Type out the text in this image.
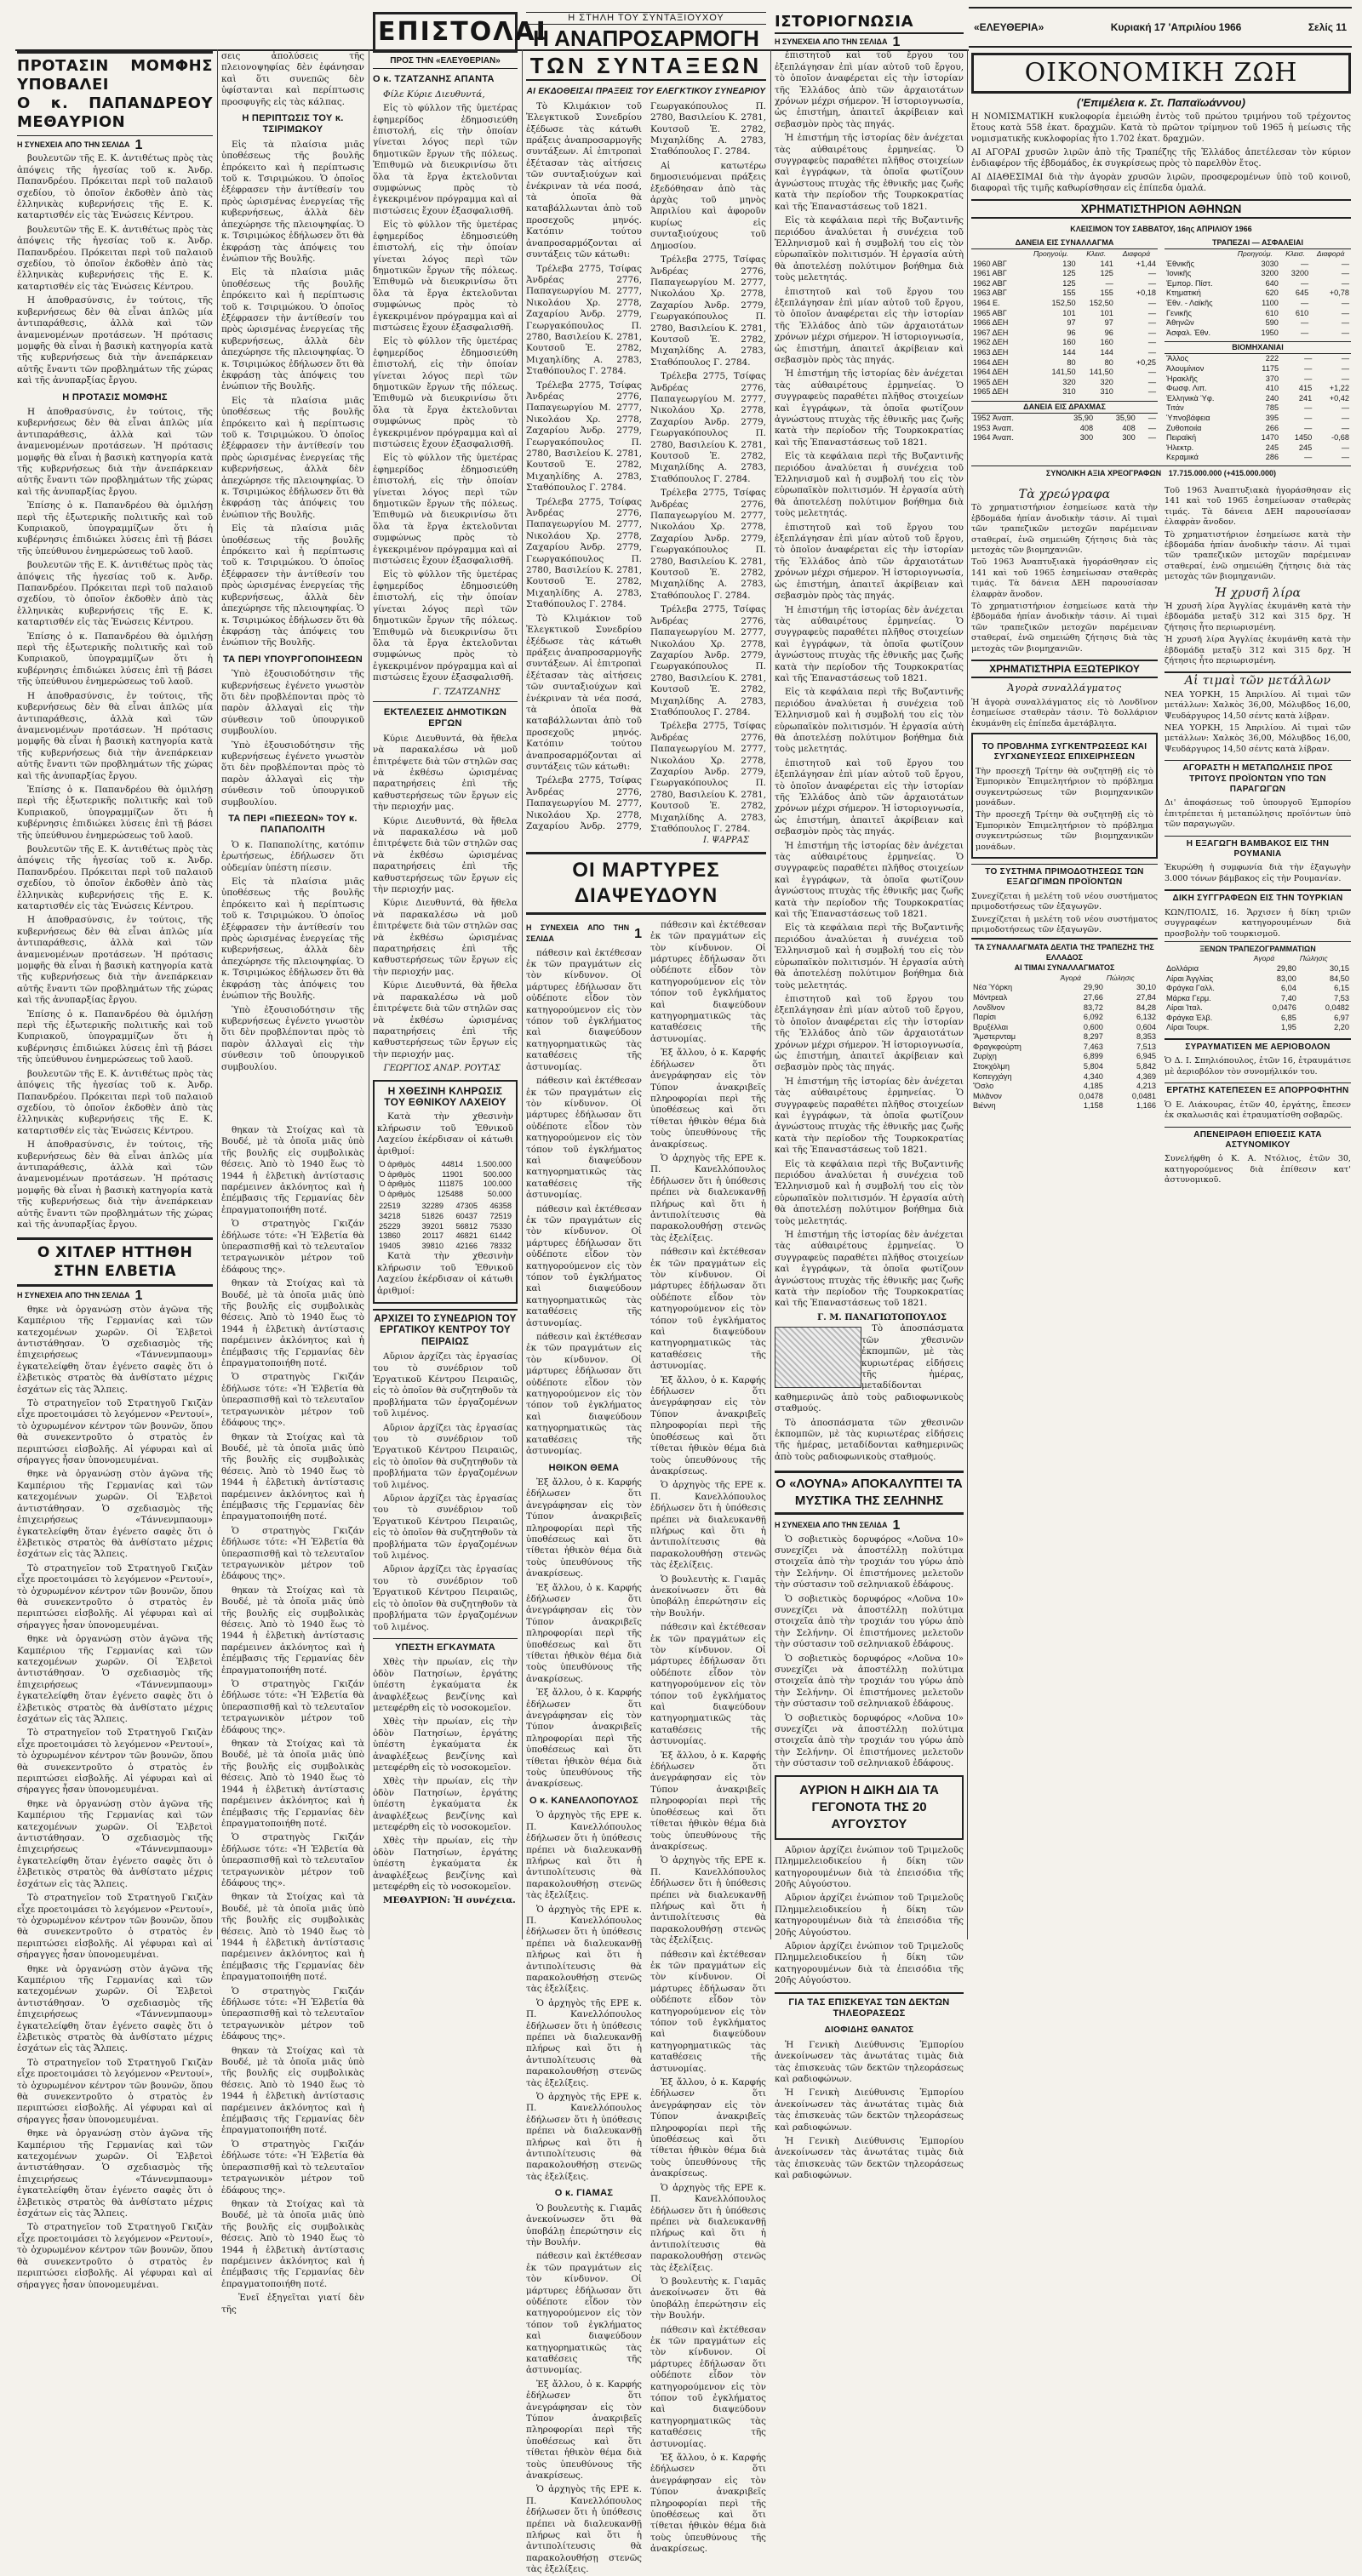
«ΕΛΕΥΘΕΡΙΑ»	Κυριακή 17 'Απριλίου 1966	Σελίς 11
ΠΡΟΤΑΣΙΝ ΜΟΜΦΗΣ ΥΠΟΒΑΛΕΙ
Ο κ. ΠΑΠΑΝΔΡΕΟΥ ΜΕΘΑΥΡΙΟΝ
Η ΣΥΝΕΧΕΙΑ ΑΠΟ ΤΗΝ ΣΕΛΙΔΑ 1

βουλευτῶν τῆς Ε. Κ. ἀντιθέτως πρὸς τὰς ἀπόψεις τῆς ἡγεσίας τοῦ κ. Ἀνδρ. Παπανδρέου. Πρόκειται περὶ τοῦ παλαιοῦ σχεδίου, τὸ ὁποῖον ἐκδοθὲν ἀπὸ τὰς ἑλληνικὰς κυβερνήσεις τῆς Ε. Κ. καταρτισθέν εἰς τὰς Ἑνώσεις Κέντρου.

βουλευτῶν τῆς Ε. Κ. ἀντιθέτως πρὸς τὰς ἀπόψεις τῆς ἡγεσίας τοῦ κ. Ἀνδρ. Παπανδρέου. Πρόκειται περὶ τοῦ παλαιοῦ σχεδίου, τὸ ὁποῖον ἐκδοθὲν ἀπὸ τὰς ἑλληνικὰς κυβερνήσεις τῆς Ε. Κ. καταρτισθέν εἰς τὰς Ἑνώσεις Κέντρου.

Η ἀποθρασύνσις, ἐν τούτοις, τῆς κυβερνήσεως δὲν θὰ εἶναι ἁπλῶς μία ἀντιπαράθεσις, ἀλλὰ καὶ τῶν ἀναμενομένων προτάσεων. Ἡ πρότασις μομφῆς θὰ εἶναι ἡ βασικὴ κατηγορία κατὰ τῆς κυβερνήσεως διὰ τὴν ἀνεπάρκειαν αὐτῆς ἔναντι τῶν προβλημάτων τῆς χώρας καὶ τῆς ἀνυπαρξίας ἔργου.

Η ΠΡΟΤΑΣΙΣ ΜΟΜΦΗΣ

Η ἀποθρασύνσις, ἐν τούτοις, τῆς κυβερνήσεως δὲν θὰ εἶναι ἁπλῶς μία ἀντιπαράθεσις, ἀλλὰ καὶ τῶν ἀναμενομένων προτάσεων. Ἡ πρότασις μομφῆς θὰ εἶναι ἡ βασικὴ κατηγορία κατὰ τῆς κυβερνήσεως διὰ τὴν ἀνεπάρκειαν αὐτῆς ἔναντι τῶν προβλημάτων τῆς χώρας καὶ τῆς ἀνυπαρξίας ἔργου.

Ἐπίσης ὁ κ. Παπανδρέου θὰ ὁμιλήσῃ περὶ τῆς ἐξωτερικῆς πολιτικῆς καὶ τοῦ Κυπριακοῦ, ὑπογραμμίζων ὅτι ἡ κυβέρνησις ἐπιδιώκει λύσεις ἐπὶ τῇ βάσει τῆς ὑπεύθυνου ἐνημερώσεως τοῦ λαοῦ.

βουλευτῶν τῆς Ε. Κ. ἀντιθέτως πρὸς τὰς ἀπόψεις τῆς ἡγεσίας τοῦ κ. Ἀνδρ. Παπανδρέου. Πρόκειται περὶ τοῦ παλαιοῦ σχεδίου, τὸ ὁποῖον ἐκδοθὲν ἀπὸ τὰς ἑλληνικὰς κυβερνήσεις τῆς Ε. Κ. καταρτισθέν εἰς τὰς Ἑνώσεις Κέντρου.

Ἐπίσης ὁ κ. Παπανδρέου θὰ ὁμιλήσῃ περὶ τῆς ἐξωτερικῆς πολιτικῆς καὶ τοῦ Κυπριακοῦ, ὑπογραμμίζων ὅτι ἡ κυβέρνησις ἐπιδιώκει λύσεις ἐπὶ τῇ βάσει τῆς ὑπεύθυνου ἐνημερώσεως τοῦ λαοῦ.

Η ἀποθρασύνσις, ἐν τούτοις, τῆς κυβερνήσεως δὲν θὰ εἶναι ἁπλῶς μία ἀντιπαράθεσις, ἀλλὰ καὶ τῶν ἀναμενομένων προτάσεων. Ἡ πρότασις μομφῆς θὰ εἶναι ἡ βασικὴ κατηγορία κατὰ τῆς κυβερνήσεως διὰ τὴν ἀνεπάρκειαν αὐτῆς ἔναντι τῶν προβλημάτων τῆς χώρας καὶ τῆς ἀνυπαρξίας ἔργου.

Ἐπίσης ὁ κ. Παπανδρέου θὰ ὁμιλήσῃ περὶ τῆς ἐξωτερικῆς πολιτικῆς καὶ τοῦ Κυπριακοῦ, ὑπογραμμίζων ὅτι ἡ κυβέρνησις ἐπιδιώκει λύσεις ἐπὶ τῇ βάσει τῆς ὑπεύθυνου ἐνημερώσεως τοῦ λαοῦ.

βουλευτῶν τῆς Ε. Κ. ἀντιθέτως πρὸς τὰς ἀπόψεις τῆς ἡγεσίας τοῦ κ. Ἀνδρ. Παπανδρέου. Πρόκειται περὶ τοῦ παλαιοῦ σχεδίου, τὸ ὁποῖον ἐκδοθὲν ἀπὸ τὰς ἑλληνικὰς κυβερνήσεις τῆς Ε. Κ. καταρτισθέν εἰς τὰς Ἑνώσεις Κέντρου.

Η ἀποθρασύνσις, ἐν τούτοις, τῆς κυβερνήσεως δὲν θὰ εἶναι ἁπλῶς μία ἀντιπαράθεσις, ἀλλὰ καὶ τῶν ἀναμενομένων προτάσεων. Ἡ πρότασις μομφῆς θὰ εἶναι ἡ βασικὴ κατηγορία κατὰ τῆς κυβερνήσεως διὰ τὴν ἀνεπάρκειαν αὐτῆς ἔναντι τῶν προβλημάτων τῆς χώρας καὶ τῆς ἀνυπαρξίας ἔργου.

Ἐπίσης ὁ κ. Παπανδρέου θὰ ὁμιλήσῃ περὶ τῆς ἐξωτερικῆς πολιτικῆς καὶ τοῦ Κυπριακοῦ, ὑπογραμμίζων ὅτι ἡ κυβέρνησις ἐπιδιώκει λύσεις ἐπὶ τῇ βάσει τῆς ὑπεύθυνου ἐνημερώσεως τοῦ λαοῦ.

βουλευτῶν τῆς Ε. Κ. ἀντιθέτως πρὸς τὰς ἀπόψεις τῆς ἡγεσίας τοῦ κ. Ἀνδρ. Παπανδρέου. Πρόκειται περὶ τοῦ παλαιοῦ σχεδίου, τὸ ὁποῖον ἐκδοθὲν ἀπὸ τὰς ἑλληνικὰς κυβερνήσεις τῆς Ε. Κ. καταρτισθέν εἰς τὰς Ἑνώσεις Κέντρου.

Η ἀποθρασύνσις, ἐν τούτοις, τῆς κυβερνήσεως δὲν θὰ εἶναι ἁπλῶς μία ἀντιπαράθεσις, ἀλλὰ καὶ τῶν ἀναμενομένων προτάσεων. Ἡ πρότασις μομφῆς θὰ εἶναι ἡ βασικὴ κατηγορία κατὰ τῆς κυβερνήσεως διὰ τὴν ἀνεπάρκειαν αὐτῆς ἔναντι τῶν προβλημάτων τῆς χώρας καὶ τῆς ἀνυπαρξίας ἔργου.

Ο ΧΙΤΛΕΡ ΗΤΤΗΘΗ ΣΤΗΝ ΕΛΒΕΤΙΑ
Η ΣΥΝΕΧΕΙΑ ΑΠΟ ΤΗΝ ΣΕΛΙΔΑ 1

θηκε νὰ ὀργανώσῃ στὸν ἀγῶνα τῆς Καμπέριου τῆς Γερμανίας καὶ τῶν κατεχομένων χωρῶν. Οἱ Ἐλβετοὶ ἀντιστάθησαν. Ὁ σχεδιασμὸς τῆς ἐπιχειρήσεως «Τάννενμπαουμ» ἐγκατελείφθη ὅταν ἐγένετο σαφὲς ὅτι ὁ ἐλβετικὸς στρατὸς θὰ ἀνθίστατο μέχρις ἐσχάτων εἰς τὰς Ἄλπεις.

Τὸ στρατηγεῖον τοῦ Στρατηγοῦ Γκιζὰν εἶχε προετοιμάσει τὸ λεγόμενον «Ρεντουί», τὸ ὀχυρωμένον κέντρον τῶν βουνῶν, ὅπου θὰ συνεκεντροῦτο ὁ στρατὸς ἐν περιπτώσει εἰσβολῆς. Αἱ γέφυραι καὶ αἱ σήραγγες ἦσαν ὑπονομευμέναι.

θηκε νὰ ὀργανώσῃ στὸν ἀγῶνα τῆς Καμπέριου τῆς Γερμανίας καὶ τῶν κατεχομένων χωρῶν. Οἱ Ἐλβετοὶ ἀντιστάθησαν. Ὁ σχεδιασμὸς τῆς ἐπιχειρήσεως «Τάννενμπαουμ» ἐγκατελείφθη ὅταν ἐγένετο σαφὲς ὅτι ὁ ἐλβετικὸς στρατὸς θὰ ἀνθίστατο μέχρις ἐσχάτων εἰς τὰς Ἄλπεις.

Τὸ στρατηγεῖον τοῦ Στρατηγοῦ Γκιζὰν εἶχε προετοιμάσει τὸ λεγόμενον «Ρεντουί», τὸ ὀχυρωμένον κέντρον τῶν βουνῶν, ὅπου θὰ συνεκεντροῦτο ὁ στρατὸς ἐν περιπτώσει εἰσβολῆς. Αἱ γέφυραι καὶ αἱ σήραγγες ἦσαν ὑπονομευμέναι.

θηκε νὰ ὀργανώσῃ στὸν ἀγῶνα τῆς Καμπέριου τῆς Γερμανίας καὶ τῶν κατεχομένων χωρῶν. Οἱ Ἐλβετοὶ ἀντιστάθησαν. Ὁ σχεδιασμὸς τῆς ἐπιχειρήσεως «Τάννενμπαουμ» ἐγκατελείφθη ὅταν ἐγένετο σαφὲς ὅτι ὁ ἐλβετικὸς στρατὸς θὰ ἀνθίστατο μέχρις ἐσχάτων εἰς τὰς Ἄλπεις.

Τὸ στρατηγεῖον τοῦ Στρατηγοῦ Γκιζὰν εἶχε προετοιμάσει τὸ λεγόμενον «Ρεντουί», τὸ ὀχυρωμένον κέντρον τῶν βουνῶν, ὅπου θὰ συνεκεντροῦτο ὁ στρατὸς ἐν περιπτώσει εἰσβολῆς. Αἱ γέφυραι καὶ αἱ σήραγγες ἦσαν ὑπονομευμέναι.

θηκε νὰ ὀργανώσῃ στὸν ἀγῶνα τῆς Καμπέριου τῆς Γερμανίας καὶ τῶν κατεχομένων χωρῶν. Οἱ Ἐλβετοὶ ἀντιστάθησαν. Ὁ σχεδιασμὸς τῆς ἐπιχειρήσεως «Τάννενμπαουμ» ἐγκατελείφθη ὅταν ἐγένετο σαφὲς ὅτι ὁ ἐλβετικὸς στρατὸς θὰ ἀνθίστατο μέχρις ἐσχάτων εἰς τὰς Ἄλπεις.

Τὸ στρατηγεῖον τοῦ Στρατηγοῦ Γκιζὰν εἶχε προετοιμάσει τὸ λεγόμενον «Ρεντουί», τὸ ὀχυρωμένον κέντρον τῶν βουνῶν, ὅπου θὰ συνεκεντροῦτο ὁ στρατὸς ἐν περιπτώσει εἰσβολῆς. Αἱ γέφυραι καὶ αἱ σήραγγες ἦσαν ὑπονομευμέναι.

θηκε νὰ ὀργανώσῃ στὸν ἀγῶνα τῆς Καμπέριου τῆς Γερμανίας καὶ τῶν κατεχομένων χωρῶν. Οἱ Ἐλβετοὶ ἀντιστάθησαν. Ὁ σχεδιασμὸς τῆς ἐπιχειρήσεως «Τάννενμπαουμ» ἐγκατελείφθη ὅταν ἐγένετο σαφὲς ὅτι ὁ ἐλβετικὸς στρατὸς θὰ ἀνθίστατο μέχρις ἐσχάτων εἰς τὰς Ἄλπεις.

Τὸ στρατηγεῖον τοῦ Στρατηγοῦ Γκιζὰν εἶχε προετοιμάσει τὸ λεγόμενον «Ρεντουί», τὸ ὀχυρωμένον κέντρον τῶν βουνῶν, ὅπου θὰ συνεκεντροῦτο ὁ στρατὸς ἐν περιπτώσει εἰσβολῆς. Αἱ γέφυραι καὶ αἱ σήραγγες ἦσαν ὑπονομευμέναι.

θηκε νὰ ὀργανώσῃ στὸν ἀγῶνα τῆς Καμπέριου τῆς Γερμανίας καὶ τῶν κατεχομένων χωρῶν. Οἱ Ἐλβετοὶ ἀντιστάθησαν. Ὁ σχεδιασμὸς τῆς ἐπιχειρήσεως «Τάννενμπαουμ» ἐγκατελείφθη ὅταν ἐγένετο σαφὲς ὅτι ὁ ἐλβετικὸς στρατὸς θὰ ἀνθίστατο μέχρις ἐσχάτων εἰς τὰς Ἄλπεις.

Τὸ στρατηγεῖον τοῦ Στρατηγοῦ Γκιζὰν εἶχε προετοιμάσει τὸ λεγόμενον «Ρεντουί», τὸ ὀχυρωμένον κέντρον τῶν βουνῶν, ὅπου θὰ συνεκεντροῦτο ὁ στρατὸς ἐν περιπτώσει εἰσβολῆς. Αἱ γέφυραι καὶ αἱ σήραγγες ἦσαν ὑπονομευμέναι.

σεις ἀπολύσεις τῆς πλειονοψηφίας δὲν ἐφάνησαν καὶ ὅτι συνεπῶς δὲν ὑφίστανται καὶ περίπτωσις προσφυγῆς εἰς τὰς κάλπας.

Η ΠΕΡΙΠΤΩΣΙΣ ΤΟΥ κ. ΤΣΙΡΙΜΩΚΟΥ

Εἰς τὰ πλαίσια μιᾶς ὑποθέσεως τῆς βουλῆς ἐπρόκειτο καὶ ἡ περίπτωσις τοῦ κ. Τσιριμώκου. Ὁ ὁποῖος ἐξέφρασεν τὴν ἀντίθεσίν του πρὸς ὡρισμένας ἐνεργείας τῆς κυβερνήσεως, ἀλλὰ δὲν ἀπεχώρησε τῆς πλειοψηφίας. Ὁ κ. Τσιριμώκος ἐδήλωσεν ὅτι θὰ ἐκφράσῃ τὰς ἀπόψεις του ἐνώπιον τῆς Βουλῆς.

Εἰς τὰ πλαίσια μιᾶς ὑποθέσεως τῆς βουλῆς ἐπρόκειτο καὶ ἡ περίπτωσις τοῦ κ. Τσιριμώκου. Ὁ ὁποῖος ἐξέφρασεν τὴν ἀντίθεσίν του πρὸς ὡρισμένας ἐνεργείας τῆς κυβερνήσεως, ἀλλὰ δὲν ἀπεχώρησε τῆς πλειοψηφίας. Ὁ κ. Τσιριμώκος ἐδήλωσεν ὅτι θὰ ἐκφράσῃ τὰς ἀπόψεις του ἐνώπιον τῆς Βουλῆς.

Εἰς τὰ πλαίσια μιᾶς ὑποθέσεως τῆς βουλῆς ἐπρόκειτο καὶ ἡ περίπτωσις τοῦ κ. Τσιριμώκου. Ὁ ὁποῖος ἐξέφρασεν τὴν ἀντίθεσίν του πρὸς ὡρισμένας ἐνεργείας τῆς κυβερνήσεως, ἀλλὰ δὲν ἀπεχώρησε τῆς πλειοψηφίας. Ὁ κ. Τσιριμώκος ἐδήλωσεν ὅτι θὰ ἐκφράσῃ τὰς ἀπόψεις του ἐνώπιον τῆς Βουλῆς.

Εἰς τὰ πλαίσια μιᾶς ὑποθέσεως τῆς βουλῆς ἐπρόκειτο καὶ ἡ περίπτωσις τοῦ κ. Τσιριμώκου. Ὁ ὁποῖος ἐξέφρασεν τὴν ἀντίθεσίν του πρὸς ὡρισμένας ἐνεργείας τῆς κυβερνήσεως, ἀλλὰ δὲν ἀπεχώρησε τῆς πλειοψηφίας. Ὁ κ. Τσιριμώκος ἐδήλωσεν ὅτι θὰ ἐκφράσῃ τὰς ἀπόψεις του ἐνώπιον τῆς Βουλῆς.

ΤΑ ΠΕΡΙ ΥΠΟΥΡΓΟΠΟΙΗΣΕΩΝ

Ὑπὸ ἐξουσιοδότησιν τῆς κυβερνήσεως ἐγένετο γνωστὸν ὅτι δὲν προβλέπονται πρὸς τὸ παρὸν ἀλλαγαὶ εἰς τὴν σύνθεσιν τοῦ ὑπουργικοῦ συμβουλίου.

Ὑπὸ ἐξουσιοδότησιν τῆς κυβερνήσεως ἐγένετο γνωστὸν ὅτι δὲν προβλέπονται πρὸς τὸ παρὸν ἀλλαγαὶ εἰς τὴν σύνθεσιν τοῦ ὑπουργικοῦ συμβουλίου.

ΤΑ ΠΕΡΙ «ΠΙΕΣΕΩΝ» ΤΟΥ κ. ΠΑΠΑΠΟΛΙΤΗ

Ὁ κ. Παπαπολίτης, κατόπιν ἐρωτήσεως, ἐδήλωσεν ὅτι οὐδεμίαν ὑπέστη πίεσιν.

Εἰς τὰ πλαίσια μιᾶς ὑποθέσεως τῆς βουλῆς ἐπρόκειτο καὶ ἡ περίπτωσις τοῦ κ. Τσιριμώκου. Ὁ ὁποῖος ἐξέφρασεν τὴν ἀντίθεσίν του πρὸς ὡρισμένας ἐνεργείας τῆς κυβερνήσεως, ἀλλὰ δὲν ἀπεχώρησε τῆς πλειοψηφίας. Ὁ κ. Τσιριμώκος ἐδήλωσεν ὅτι θὰ ἐκφράσῃ τὰς ἀπόψεις του ἐνώπιον τῆς Βουλῆς.

Ὑπὸ ἐξουσιοδότησιν τῆς κυβερνήσεως ἐγένετο γνωστὸν ὅτι δὲν προβλέπονται πρὸς τὸ παρὸν ἀλλαγαὶ εἰς τὴν σύνθεσιν τοῦ ὑπουργικοῦ συμβουλίου.

θηκαν τὰ Στοίχας καὶ τὰ Βουδέ, μὲ τὰ ὁποῖα μιᾶς ὑπὸ τῆς βουλῆς εἰς συμβολικὰς θέσεις. Ἀπὸ τὸ 1940 ἕως τὸ 1944 ἡ ἐλβετικὴ ἀντίστασις παρέμεινεν ἀκλόνητος καὶ ἡ ἐπέμβασις τῆς Γερμανίας δὲν ἐπραγματοποιήθη ποτέ.

Ὁ στρατηγὸς Γκιζάν ἐδήλωσε τότε: «Ἡ Ἐλβετία θὰ ὑπερασπισθῇ καὶ τὸ τελευταῖον τετραγωνικὸν μέτρον τοῦ ἐδάφους της».

θηκαν τὰ Στοίχας καὶ τὰ Βουδέ, μὲ τὰ ὁποῖα μιᾶς ὑπὸ τῆς βουλῆς εἰς συμβολικὰς θέσεις. Ἀπὸ τὸ 1940 ἕως τὸ 1944 ἡ ἐλβετικὴ ἀντίστασις παρέμεινεν ἀκλόνητος καὶ ἡ ἐπέμβασις τῆς Γερμανίας δὲν ἐπραγματοποιήθη ποτέ.

Ὁ στρατηγὸς Γκιζάν ἐδήλωσε τότε: «Ἡ Ἐλβετία θὰ ὑπερασπισθῇ καὶ τὸ τελευταῖον τετραγωνικὸν μέτρον τοῦ ἐδάφους της».

θηκαν τὰ Στοίχας καὶ τὰ Βουδέ, μὲ τὰ ὁποῖα μιᾶς ὑπὸ τῆς βουλῆς εἰς συμβολικὰς θέσεις. Ἀπὸ τὸ 1940 ἕως τὸ 1944 ἡ ἐλβετικὴ ἀντίστασις παρέμεινεν ἀκλόνητος καὶ ἡ ἐπέμβασις τῆς Γερμανίας δὲν ἐπραγματοποιήθη ποτέ.

Ὁ στρατηγὸς Γκιζάν ἐδήλωσε τότε: «Ἡ Ἐλβετία θὰ ὑπερασπισθῇ καὶ τὸ τελευταῖον τετραγωνικὸν μέτρον τοῦ ἐδάφους της».

θηκαν τὰ Στοίχας καὶ τὰ Βουδέ, μὲ τὰ ὁποῖα μιᾶς ὑπὸ τῆς βουλῆς εἰς συμβολικὰς θέσεις. Ἀπὸ τὸ 1940 ἕως τὸ 1944 ἡ ἐλβετικὴ ἀντίστασις παρέμεινεν ἀκλόνητος καὶ ἡ ἐπέμβασις τῆς Γερμανίας δὲν ἐπραγματοποιήθη ποτέ.

Ὁ στρατηγὸς Γκιζάν ἐδήλωσε τότε: «Ἡ Ἐλβετία θὰ ὑπερασπισθῇ καὶ τὸ τελευταῖον τετραγωνικὸν μέτρον τοῦ ἐδάφους της».

θηκαν τὰ Στοίχας καὶ τὰ Βουδέ, μὲ τὰ ὁποῖα μιᾶς ὑπὸ τῆς βουλῆς εἰς συμβολικὰς θέσεις. Ἀπὸ τὸ 1940 ἕως τὸ 1944 ἡ ἐλβετικὴ ἀντίστασις παρέμεινεν ἀκλόνητος καὶ ἡ ἐπέμβασις τῆς Γερμανίας δὲν ἐπραγματοποιήθη ποτέ.

Ὁ στρατηγὸς Γκιζάν ἐδήλωσε τότε: «Ἡ Ἐλβετία θὰ ὑπερασπισθῇ καὶ τὸ τελευταῖον τετραγωνικὸν μέτρον τοῦ ἐδάφους της».

θηκαν τὰ Στοίχας καὶ τὰ Βουδέ, μὲ τὰ ὁποῖα μιᾶς ὑπὸ τῆς βουλῆς εἰς συμβολικὰς θέσεις. Ἀπὸ τὸ 1940 ἕως τὸ 1944 ἡ ἐλβετικὴ ἀντίστασις παρέμεινεν ἀκλόνητος καὶ ἡ ἐπέμβασις τῆς Γερμανίας δὲν ἐπραγματοποιήθη ποτέ.

Ὁ στρατηγὸς Γκιζάν ἐδήλωσε τότε: «Ἡ Ἐλβετία θὰ ὑπερασπισθῇ καὶ τὸ τελευταῖον τετραγωνικὸν μέτρον τοῦ ἐδάφους της».

θηκαν τὰ Στοίχας καὶ τὰ Βουδέ, μὲ τὰ ὁποῖα μιᾶς ὑπὸ τῆς βουλῆς εἰς συμβολικὰς θέσεις. Ἀπὸ τὸ 1940 ἕως τὸ 1944 ἡ ἐλβετικὴ ἀντίστασις παρέμεινεν ἀκλόνητος καὶ ἡ ἐπέμβασις τῆς Γερμανίας δὲν ἐπραγματοποιήθη ποτέ.

Ὁ στρατηγὸς Γκιζάν ἐδήλωσε τότε: «Ἡ Ἐλβετία θὰ ὑπερασπισθῇ καὶ τὸ τελευταῖον τετραγωνικὸν μέτρον τοῦ ἐδάφους της».

θηκαν τὰ Στοίχας καὶ τὰ Βουδέ, μὲ τὰ ὁποῖα μιᾶς ὑπὸ τῆς βουλῆς εἰς συμβολικὰς θέσεις. Ἀπὸ τὸ 1940 ἕως τὸ 1944 ἡ ἐλβετικὴ ἀντίστασις παρέμεινεν ἀκλόνητος καὶ ἡ ἐπέμβασις τῆς Γερμανίας δὲν ἐπραγματοποιήθη ποτέ.

Ἐνεῖ ἐξηγεῖται γιατί δὲν τῆς

ΕΠΙΣΤΟΛΑΙ
ΠΡΟΣ ΤΗΝ «ΕΛΕΥΘΕΡΙΑΝ»
Ο κ. ΤΖΑΤΖΑΝΗΣ ΑΠΑΝΤΑ

Φίλε Κύριε Διευθυντά,

Εἰς τὸ φύλλον τῆς ὑμετέρας ἐφημερίδος ἐδημοσιεύθη ἐπιστολή, εἰς τὴν ὁποίαν γίνεται λόγος περὶ τῶν δημοτικῶν ἔργων τῆς πόλεως. Ἐπιθυμῶ νὰ διευκρινίσω ὅτι ὅλα τὰ ἔργα ἐκτελοῦνται συμφώνως πρὸς τὸ ἐγκεκριμένον πρόγραμμα καὶ αἱ πιστώσεις ἔχουν ἐξασφαλισθῆ.

Εἰς τὸ φύλλον τῆς ὑμετέρας ἐφημερίδος ἐδημοσιεύθη ἐπιστολή, εἰς τὴν ὁποίαν γίνεται λόγος περὶ τῶν δημοτικῶν ἔργων τῆς πόλεως. Ἐπιθυμῶ νὰ διευκρινίσω ὅτι ὅλα τὰ ἔργα ἐκτελοῦνται συμφώνως πρὸς τὸ ἐγκεκριμένον πρόγραμμα καὶ αἱ πιστώσεις ἔχουν ἐξασφαλισθῆ.

Εἰς τὸ φύλλον τῆς ὑμετέρας ἐφημερίδος ἐδημοσιεύθη ἐπιστολή, εἰς τὴν ὁποίαν γίνεται λόγος περὶ τῶν δημοτικῶν ἔργων τῆς πόλεως. Ἐπιθυμῶ νὰ διευκρινίσω ὅτι ὅλα τὰ ἔργα ἐκτελοῦνται συμφώνως πρὸς τὸ ἐγκεκριμένον πρόγραμμα καὶ αἱ πιστώσεις ἔχουν ἐξασφαλισθῆ.

Εἰς τὸ φύλλον τῆς ὑμετέρας ἐφημερίδος ἐδημοσιεύθη ἐπιστολή, εἰς τὴν ὁποίαν γίνεται λόγος περὶ τῶν δημοτικῶν ἔργων τῆς πόλεως. Ἐπιθυμῶ νὰ διευκρινίσω ὅτι ὅλα τὰ ἔργα ἐκτελοῦνται συμφώνως πρὸς τὸ ἐγκεκριμένον πρόγραμμα καὶ αἱ πιστώσεις ἔχουν ἐξασφαλισθῆ.

Εἰς τὸ φύλλον τῆς ὑμετέρας ἐφημερίδος ἐδημοσιεύθη ἐπιστολή, εἰς τὴν ὁποίαν γίνεται λόγος περὶ τῶν δημοτικῶν ἔργων τῆς πόλεως. Ἐπιθυμῶ νὰ διευκρινίσω ὅτι ὅλα τὰ ἔργα ἐκτελοῦνται συμφώνως πρὸς τὸ ἐγκεκριμένον πρόγραμμα καὶ αἱ πιστώσεις ἔχουν ἐξασφαλισθῆ.

Γ. ΤΖΑΤΖΑΝΗΣ
ΕΚΤΕΛΕΣΕΙΣ ΔΗΜΟΤΙΚΩΝ ΕΡΓΩΝ

Κύριε Διευθυντά, θὰ ἤθελα νὰ παρακαλέσω νὰ μοῦ ἐπιτρέψετε διὰ τῶν στηλῶν σας νὰ ἐκθέσω ὡρισμένας παρατηρήσεις ἐπὶ τῆς καθυστερήσεως τῶν ἔργων εἰς τὴν περιοχήν μας.

Κύριε Διευθυντά, θὰ ἤθελα νὰ παρακαλέσω νὰ μοῦ ἐπιτρέψετε διὰ τῶν στηλῶν σας νὰ ἐκθέσω ὡρισμένας παρατηρήσεις ἐπὶ τῆς καθυστερήσεως τῶν ἔργων εἰς τὴν περιοχήν μας.

Κύριε Διευθυντά, θὰ ἤθελα νὰ παρακαλέσω νὰ μοῦ ἐπιτρέψετε διὰ τῶν στηλῶν σας νὰ ἐκθέσω ὡρισμένας παρατηρήσεις ἐπὶ τῆς καθυστερήσεως τῶν ἔργων εἰς τὴν περιοχήν μας.

Κύριε Διευθυντά, θὰ ἤθελα νὰ παρακαλέσω νὰ μοῦ ἐπιτρέψετε διὰ τῶν στηλῶν σας νὰ ἐκθέσω ὡρισμένας παρατηρήσεις ἐπὶ τῆς καθυστερήσεως τῶν ἔργων εἰς τὴν περιοχήν μας.

ΓΕΩΡΓΙΟΣ ΑΝΔΡ. ΡΟΥΤΑΣ
Η ΧΘΕΣΙΝΗ ΚΛΗΡΩΣΙΣ ΤΟΥ ΕΘΝΙΚΟΥ ΛΑΧΕΙΟΥ

Κατὰ τὴν χθεσινὴν κλήρωσιν τοῦ Ἐθνικοῦ Λαχείου ἐκέρδισαν οἱ κάτωθι ἀριθμοί:

Ὁ ἀριθμὸς	44814	1.500.000
Ὁ ἀριθμὸς	11901	500.000
Ὁ ἀριθμὸς	111875	100.000
Ὁ ἀριθμὸς	125488	50.000
22519	32289	47305	46358
34218	51826	60437	72519
25229	39201	56812	75330
13860	20117	46821	61442
19405	39810	42166	78332

Κατὰ τὴν χθεσινὴν κλήρωσιν τοῦ Ἐθνικοῦ Λαχείου ἐκέρδισαν οἱ κάτωθι ἀριθμοί:

ΑΡΧΙΖΕΙ ΤΟ ΣΥΝΕΔΡΙΟΝ ΤΟΥ ΕΡΓΑΤΙΚΟΥ ΚΕΝΤΡΟΥ ΤΟΥ ΠΕΙΡΑΙΩΣ

Αὔριον ἀρχίζει τὰς ἐργασίας του τὸ συνέδριον τοῦ Ἐργατικοῦ Κέντρου Πειραιῶς, εἰς τὸ ὁποῖον θὰ συζητηθοῦν τὰ προβλήματα τῶν ἐργαζομένων τοῦ λιμένος.

Αὔριον ἀρχίζει τὰς ἐργασίας του τὸ συνέδριον τοῦ Ἐργατικοῦ Κέντρου Πειραιῶς, εἰς τὸ ὁποῖον θὰ συζητηθοῦν τὰ προβλήματα τῶν ἐργαζομένων τοῦ λιμένος.

Αὔριον ἀρχίζει τὰς ἐργασίας του τὸ συνέδριον τοῦ Ἐργατικοῦ Κέντρου Πειραιῶς, εἰς τὸ ὁποῖον θὰ συζητηθοῦν τὰ προβλήματα τῶν ἐργαζομένων τοῦ λιμένος.

Αὔριον ἀρχίζει τὰς ἐργασίας του τὸ συνέδριον τοῦ Ἐργατικοῦ Κέντρου Πειραιῶς, εἰς τὸ ὁποῖον θὰ συζητηθοῦν τὰ προβλήματα τῶν ἐργαζομένων τοῦ λιμένος.

ΥΠΕΣΤΗ ΕΓΚΑΥΜΑΤΑ

Χθὲς τὴν πρωίαν, εἰς τὴν ὁδὸν Πατησίων, ἐργάτης ὑπέστη ἐγκαύματα ἐκ ἀναφλέξεως βενζίνης καὶ μετεφέρθη εἰς τὸ νοσοκομεῖον.

Χθὲς τὴν πρωίαν, εἰς τὴν ὁδὸν Πατησίων, ἐργάτης ὑπέστη ἐγκαύματα ἐκ ἀναφλέξεως βενζίνης καὶ μετεφέρθη εἰς τὸ νοσοκομεῖον.

Χθὲς τὴν πρωίαν, εἰς τὴν ὁδὸν Πατησίων, ἐργάτης ὑπέστη ἐγκαύματα ἐκ ἀναφλέξεως βενζίνης καὶ μετεφέρθη εἰς τὸ νοσοκομεῖον.

Χθὲς τὴν πρωίαν, εἰς τὴν ὁδὸν Πατησίων, ἐργάτης ὑπέστη ἐγκαύματα ἐκ ἀναφλέξεως βενζίνης καὶ μετεφέρθη εἰς τὸ νοσοκομεῖον.

ΜΕΘΑΥΡΙΟΝ: Ἡ συνέχεια.

Η ΣΤΗΛΗ ΤΟΥ ΣΥΝΤΑΞΙΟΥΧΟΥ
Η ΑΝΑΠΡΟΣΑΡΜΟΓΗ
ΤΩΝ ΣΥΝΤΑΞΕΩΝ
ΑΙ ΕΚΔΟΘΕΙΣΑΙ ΠΡΑΞΕΙΣ ΤΟΥ ΕΛΕΓΚΤΙΚΟΥ ΣΥΝΕΔΡΙΟΥ

Τὸ Κλιμάκιον τοῦ Ἐλεγκτικοῦ Συνεδρίου ἐξέδωσε τὰς κάτωθι πράξεις ἀναπροσαρμογῆς συντάξεων. Αἱ ἐπιτροπαὶ ἐξέτασαν τὰς αἰτήσεις τῶν συνταξιούχων καὶ ἐνέκριναν τὰ νέα ποσά, τὰ ὁποῖα θὰ καταβάλλωνται ἀπὸ τοῦ προσεχοῦς μηνός. Κατόπιν τούτου ἀναπροσαρμόζονται αἱ συντάξεις τῶν κάτωθι:

Τρέλεβα 2775, Τσίφας Ἀνδρέας 2776, Παπαγεωργίου Μ. 2777, Νικολάου Χρ. 2778, Ζαχαρίου Ἀνδρ. 2779, Γεωργακόπουλος Π. 2780, Βασιλείου Κ. 2781, Κουτσοῦ Ἐ. 2782, Μιχαηλίδης Α. 2783, Σταθόπουλος Γ. 2784.

Τρέλεβα 2775, Τσίφας Ἀνδρέας 2776, Παπαγεωργίου Μ. 2777, Νικολάου Χρ. 2778, Ζαχαρίου Ἀνδρ. 2779, Γεωργακόπουλος Π. 2780, Βασιλείου Κ. 2781, Κουτσοῦ Ἐ. 2782, Μιχαηλίδης Α. 2783, Σταθόπουλος Γ. 2784.

Τρέλεβα 2775, Τσίφας Ἀνδρέας 2776, Παπαγεωργίου Μ. 2777, Νικολάου Χρ. 2778, Ζαχαρίου Ἀνδρ. 2779, Γεωργακόπουλος Π. 2780, Βασιλείου Κ. 2781, Κουτσοῦ Ἐ. 2782, Μιχαηλίδης Α. 2783, Σταθόπουλος Γ. 2784.

Τὸ Κλιμάκιον τοῦ Ἐλεγκτικοῦ Συνεδρίου ἐξέδωσε τὰς κάτωθι πράξεις ἀναπροσαρμογῆς συντάξεων. Αἱ ἐπιτροπαὶ ἐξέτασαν τὰς αἰτήσεις τῶν συνταξιούχων καὶ ἐνέκριναν τὰ νέα ποσά, τὰ ὁποῖα θὰ καταβάλλωνται ἀπὸ τοῦ προσεχοῦς μηνός. Κατόπιν τούτου ἀναπροσαρμόζονται αἱ συντάξεις τῶν κάτωθι:

Τρέλεβα 2775, Τσίφας Ἀνδρέας 2776, Παπαγεωργίου Μ. 2777, Νικολάου Χρ. 2778, Ζαχαρίου Ἀνδρ. 2779, Γεωργακόπουλος Π. 2780, Βασιλείου Κ. 2781, Κουτσοῦ Ἐ. 2782, Μιχαηλίδης Α. 2783, Σταθόπουλος Γ. 2784.

Αἱ κατωτέρω δημοσιευόμεναι πράξεις ἐξεδόθησαν ἀπὸ τὰς ἀρχὰς τοῦ μηνὸς Ἀπριλίου καὶ ἀφοροῦν κυρίως εἰς συνταξιούχους τοῦ Δημοσίου.

Τρέλεβα 2775, Τσίφας Ἀνδρέας 2776, Παπαγεωργίου Μ. 2777, Νικολάου Χρ. 2778, Ζαχαρίου Ἀνδρ. 2779, Γεωργακόπουλος Π. 2780, Βασιλείου Κ. 2781, Κουτσοῦ Ἐ. 2782, Μιχαηλίδης Α. 2783, Σταθόπουλος Γ. 2784.

Τρέλεβα 2775, Τσίφας Ἀνδρέας 2776, Παπαγεωργίου Μ. 2777, Νικολάου Χρ. 2778, Ζαχαρίου Ἀνδρ. 2779, Γεωργακόπουλος Π. 2780, Βασιλείου Κ. 2781, Κουτσοῦ Ἐ. 2782, Μιχαηλίδης Α. 2783, Σταθόπουλος Γ. 2784.

Τρέλεβα 2775, Τσίφας Ἀνδρέας 2776, Παπαγεωργίου Μ. 2777, Νικολάου Χρ. 2778, Ζαχαρίου Ἀνδρ. 2779, Γεωργακόπουλος Π. 2780, Βασιλείου Κ. 2781, Κουτσοῦ Ἐ. 2782, Μιχαηλίδης Α. 2783, Σταθόπουλος Γ. 2784.

Τρέλεβα 2775, Τσίφας Ἀνδρέας 2776, Παπαγεωργίου Μ. 2777, Νικολάου Χρ. 2778, Ζαχαρίου Ἀνδρ. 2779, Γεωργακόπουλος Π. 2780, Βασιλείου Κ. 2781, Κουτσοῦ Ἐ. 2782, Μιχαηλίδης Α. 2783, Σταθόπουλος Γ. 2784.

Τρέλεβα 2775, Τσίφας Ἀνδρέας 2776, Παπαγεωργίου Μ. 2777, Νικολάου Χρ. 2778, Ζαχαρίου Ἀνδρ. 2779, Γεωργακόπουλος Π. 2780, Βασιλείου Κ. 2781, Κουτσοῦ Ἐ. 2782, Μιχαηλίδης Α. 2783, Σταθόπουλος Γ. 2784.

Ι. ΨΑΡΡΑΣ
ΟΙ ΜΑΡΤΥΡΕΣ ΔΙΑΨΕΥΔΟΥΝ
Η ΣΥΝΕΧΕΙΑ ΑΠΟ ΤΗΝ ΣΕΛΙΔΑ	1

πάθεσιν καὶ ἐκτέθεσαν ἐκ τῶν πραγμάτων εἰς τὸν κίνδυνον. Οἱ μάρτυρες ἐδήλωσαν ὅτι οὐδέποτε εἶδον τὸν κατηγορούμενον εἰς τὸν τόπον τοῦ ἐγκλήματος καὶ διαψεύδουν κατηγορηματικῶς τὰς καταθέσεις τῆς ἀστυνομίας.

πάθεσιν καὶ ἐκτέθεσαν ἐκ τῶν πραγμάτων εἰς τὸν κίνδυνον. Οἱ μάρτυρες ἐδήλωσαν ὅτι οὐδέποτε εἶδον τὸν κατηγορούμενον εἰς τὸν τόπον τοῦ ἐγκλήματος καὶ διαψεύδουν κατηγορηματικῶς τὰς καταθέσεις τῆς ἀστυνομίας.

πάθεσιν καὶ ἐκτέθεσαν ἐκ τῶν πραγμάτων εἰς τὸν κίνδυνον. Οἱ μάρτυρες ἐδήλωσαν ὅτι οὐδέποτε εἶδον τὸν κατηγορούμενον εἰς τὸν τόπον τοῦ ἐγκλήματος καὶ διαψεύδουν κατηγορηματικῶς τὰς καταθέσεις τῆς ἀστυνομίας.

πάθεσιν καὶ ἐκτέθεσαν ἐκ τῶν πραγμάτων εἰς τὸν κίνδυνον. Οἱ μάρτυρες ἐδήλωσαν ὅτι οὐδέποτε εἶδον τὸν κατηγορούμενον εἰς τὸν τόπον τοῦ ἐγκλήματος καὶ διαψεύδουν κατηγορηματικῶς τὰς καταθέσεις τῆς ἀστυνομίας.

ΗΘΙΚΟΝ ΘΕΜΑ

Ἐξ ἄλλου, ὁ κ. Καρφής ἐδήλωσεν ὅτι ἀνεγράφησαν εἰς τὸν Τύπον ἀνακριβεῖς πληροφορίαι περὶ τῆς ὑποθέσεως καὶ ὅτι τίθεται ἠθικὸν θέμα διὰ τοὺς ὑπευθύνους τῆς ἀνακρίσεως.

Ἐξ ἄλλου, ὁ κ. Καρφής ἐδήλωσεν ὅτι ἀνεγράφησαν εἰς τὸν Τύπον ἀνακριβεῖς πληροφορίαι περὶ τῆς ὑποθέσεως καὶ ὅτι τίθεται ἠθικὸν θέμα διὰ τοὺς ὑπευθύνους τῆς ἀνακρίσεως.

Ἐξ ἄλλου, ὁ κ. Καρφής ἐδήλωσεν ὅτι ἀνεγράφησαν εἰς τὸν Τύπον ἀνακριβεῖς πληροφορίαι περὶ τῆς ὑποθέσεως καὶ ὅτι τίθεται ἠθικὸν θέμα διὰ τοὺς ὑπευθύνους τῆς ἀνακρίσεως.

Ο κ. ΚΑΝΕΛΛΟΠΟΥΛΟΣ

Ὁ ἀρχηγὸς τῆς ΕΡΕ κ. Π. Κανελλόπουλος ἐδήλωσεν ὅτι ἡ ὑπόθεσις πρέπει νὰ διαλευκανθῇ πλήρως καὶ ὅτι ἡ ἀντιπολίτευσις θὰ παρακολουθήσῃ στενῶς τὰς ἐξελίξεις.

Ὁ ἀρχηγὸς τῆς ΕΡΕ κ. Π. Κανελλόπουλος ἐδήλωσεν ὅτι ἡ ὑπόθεσις πρέπει νὰ διαλευκανθῇ πλήρως καὶ ὅτι ἡ ἀντιπολίτευσις θὰ παρακολουθήσῃ στενῶς τὰς ἐξελίξεις.

Ὁ ἀρχηγὸς τῆς ΕΡΕ κ. Π. Κανελλόπουλος ἐδήλωσεν ὅτι ἡ ὑπόθεσις πρέπει νὰ διαλευκανθῇ πλήρως καὶ ὅτι ἡ ἀντιπολίτευσις θὰ παρακολουθήσῃ στενῶς τὰς ἐξελίξεις.

Ὁ ἀρχηγὸς τῆς ΕΡΕ κ. Π. Κανελλόπουλος ἐδήλωσεν ὅτι ἡ ὑπόθεσις πρέπει νὰ διαλευκανθῇ πλήρως καὶ ὅτι ἡ ἀντιπολίτευσις θὰ παρακολουθήσῃ στενῶς τὰς ἐξελίξεις.

Ο κ. ΓΙΑΜΑΣ

Ὁ βουλευτὴς κ. Γιαμᾶς ἀνεκοίνωσεν ὅτι θὰ ὑποβάλῃ ἐπερώτησιν εἰς τὴν Βουλήν.

πάθεσιν καὶ ἐκτέθεσαν ἐκ τῶν πραγμάτων εἰς τὸν κίνδυνον. Οἱ μάρτυρες ἐδήλωσαν ὅτι οὐδέποτε εἶδον τὸν κατηγορούμενον εἰς τὸν τόπον τοῦ ἐγκλήματος καὶ διαψεύδουν κατηγορηματικῶς τὰς καταθέσεις τῆς ἀστυνομίας.

Ἐξ ἄλλου, ὁ κ. Καρφής ἐδήλωσεν ὅτι ἀνεγράφησαν εἰς τὸν Τύπον ἀνακριβεῖς πληροφορίαι περὶ τῆς ὑποθέσεως καὶ ὅτι τίθεται ἠθικὸν θέμα διὰ τοὺς ὑπευθύνους τῆς ἀνακρίσεως.

Ὁ ἀρχηγὸς τῆς ΕΡΕ κ. Π. Κανελλόπουλος ἐδήλωσεν ὅτι ἡ ὑπόθεσις πρέπει νὰ διαλευκανθῇ πλήρως καὶ ὅτι ἡ ἀντιπολίτευσις θὰ παρακολουθήσῃ στενῶς τὰς ἐξελίξεις.

πάθεσιν καὶ ἐκτέθεσαν ἐκ τῶν πραγμάτων εἰς τὸν κίνδυνον. Οἱ μάρτυρες ἐδήλωσαν ὅτι οὐδέποτε εἶδον τὸν κατηγορούμενον εἰς τὸν τόπον τοῦ ἐγκλήματος καὶ διαψεύδουν κατηγορηματικῶς τὰς καταθέσεις τῆς ἀστυνομίας.

Ἐξ ἄλλου, ὁ κ. Καρφής ἐδήλωσεν ὅτι ἀνεγράφησαν εἰς τὸν Τύπον ἀνακριβεῖς πληροφορίαι περὶ τῆς ὑποθέσεως καὶ ὅτι τίθεται ἠθικὸν θέμα διὰ τοὺς ὑπευθύνους τῆς ἀνακρίσεως.

Ὁ ἀρχηγὸς τῆς ΕΡΕ κ. Π. Κανελλόπουλος ἐδήλωσεν ὅτι ἡ ὑπόθεσις πρέπει νὰ διαλευκανθῇ πλήρως καὶ ὅτι ἡ ἀντιπολίτευσις θὰ παρακολουθήσῃ στενῶς τὰς ἐξελίξεις.

πάθεσιν καὶ ἐκτέθεσαν ἐκ τῶν πραγμάτων εἰς τὸν κίνδυνον. Οἱ μάρτυρες ἐδήλωσαν ὅτι οὐδέποτε εἶδον τὸν κατηγορούμενον εἰς τὸν τόπον τοῦ ἐγκλήματος καὶ διαψεύδουν κατηγορηματικῶς τὰς καταθέσεις τῆς ἀστυνομίας.

Ἐξ ἄλλου, ὁ κ. Καρφής ἐδήλωσεν ὅτι ἀνεγράφησαν εἰς τὸν Τύπον ἀνακριβεῖς πληροφορίαι περὶ τῆς ὑποθέσεως καὶ ὅτι τίθεται ἠθικὸν θέμα διὰ τοὺς ὑπευθύνους τῆς ἀνακρίσεως.

Ὁ ἀρχηγὸς τῆς ΕΡΕ κ. Π. Κανελλόπουλος ἐδήλωσεν ὅτι ἡ ὑπόθεσις πρέπει νὰ διαλευκανθῇ πλήρως καὶ ὅτι ἡ ἀντιπολίτευσις θὰ παρακολουθήσῃ στενῶς τὰς ἐξελίξεις.

Ὁ βουλευτὴς κ. Γιαμᾶς ἀνεκοίνωσεν ὅτι θὰ ὑποβάλῃ ἐπερώτησιν εἰς τὴν Βουλήν.

πάθεσιν καὶ ἐκτέθεσαν ἐκ τῶν πραγμάτων εἰς τὸν κίνδυνον. Οἱ μάρτυρες ἐδήλωσαν ὅτι οὐδέποτε εἶδον τὸν κατηγορούμενον εἰς τὸν τόπον τοῦ ἐγκλήματος καὶ διαψεύδουν κατηγορηματικῶς τὰς καταθέσεις τῆς ἀστυνομίας.

Ἐξ ἄλλου, ὁ κ. Καρφής ἐδήλωσεν ὅτι ἀνεγράφησαν εἰς τὸν Τύπον ἀνακριβεῖς πληροφορίαι περὶ τῆς ὑποθέσεως καὶ ὅτι τίθεται ἠθικὸν θέμα διὰ τοὺς ὑπευθύνους τῆς ἀνακρίσεως.

Ὁ ἀρχηγὸς τῆς ΕΡΕ κ. Π. Κανελλόπουλος ἐδήλωσεν ὅτι ἡ ὑπόθεσις πρέπει νὰ διαλευκανθῇ πλήρως καὶ ὅτι ἡ ἀντιπολίτευσις θὰ παρακολουθήσῃ στενῶς τὰς ἐξελίξεις.

πάθεσιν καὶ ἐκτέθεσαν ἐκ τῶν πραγμάτων εἰς τὸν κίνδυνον. Οἱ μάρτυρες ἐδήλωσαν ὅτι οὐδέποτε εἶδον τὸν κατηγορούμενον εἰς τὸν τόπον τοῦ ἐγκλήματος καὶ διαψεύδουν κατηγορηματικῶς τὰς καταθέσεις τῆς ἀστυνομίας.

Ἐξ ἄλλου, ὁ κ. Καρφής ἐδήλωσεν ὅτι ἀνεγράφησαν εἰς τὸν Τύπον ἀνακριβεῖς πληροφορίαι περὶ τῆς ὑποθέσεως καὶ ὅτι τίθεται ἠθικὸν θέμα διὰ τοὺς ὑπευθύνους τῆς ἀνακρίσεως.

Ὁ ἀρχηγὸς τῆς ΕΡΕ κ. Π. Κανελλόπουλος ἐδήλωσεν ὅτι ἡ ὑπόθεσις πρέπει νὰ διαλευκανθῇ πλήρως καὶ ὅτι ἡ ἀντιπολίτευσις θὰ παρακολουθήσῃ στενῶς τὰς ἐξελίξεις.

Ὁ βουλευτὴς κ. Γιαμᾶς ἀνεκοίνωσεν ὅτι θὰ ὑποβάλῃ ἐπερώτησιν εἰς τὴν Βουλήν.

πάθεσιν καὶ ἐκτέθεσαν ἐκ τῶν πραγμάτων εἰς τὸν κίνδυνον. Οἱ μάρτυρες ἐδήλωσαν ὅτι οὐδέποτε εἶδον τὸν κατηγορούμενον εἰς τὸν τόπον τοῦ ἐγκλήματος καὶ διαψεύδουν κατηγορηματικῶς τὰς καταθέσεις τῆς ἀστυνομίας.

Ἐξ ἄλλου, ὁ κ. Καρφής ἐδήλωσεν ὅτι ἀνεγράφησαν εἰς τὸν Τύπον ἀνακριβεῖς πληροφορίαι περὶ τῆς ὑποθέσεως καὶ ὅτι τίθεται ἠθικὸν θέμα διὰ τοὺς ὑπευθύνους τῆς ἀνακρίσεως.

ΙΣΤΟΡΙΟΓΝΩΣΙΑ
Η ΣΥΝΕΧΕΙΑ ΑΠΟ ΤΗΝ ΣΕΛΙΔΑ 1

ἐπιστητοῦ καὶ τοῦ ἔργου του ἐξεπλάγησαν ἐπὶ μίαν αὐτοῦ τοῦ ἔργου, τὸ ὁποῖον ἀναφέρεται εἰς τὴν ἱστορίαν τῆς Ἑλλάδος ἀπὸ τῶν ἀρχαιοτάτων χρόνων μέχρι σήμερον. Ἡ ἱστοριογνωσία, ὡς ἐπιστήμη, ἀπαιτεῖ ἀκρίβειαν καὶ σεβασμὸν πρὸς τὰς πηγάς.

Ἡ ἐπιστήμη τῆς ἱστορίας δὲν ἀνέχεται τὰς αὐθαιρέτους ἑρμηνείας. Ὁ συγγραφεὺς παραθέτει πλῆθος στοιχείων καὶ ἐγγράφων, τὰ ὁποῖα φωτίζουν ἀγνώστους πτυχὰς τῆς ἐθνικῆς μας ζωῆς κατὰ τὴν περίοδον τῆς Τουρκοκρατίας καὶ τῆς Ἐπαναστάσεως τοῦ 1821.

Εἰς τὰ κεφάλαια περὶ τῆς Βυζαντινῆς περιόδου ἀναλύεται ἡ συνέχεια τοῦ Ἑλληνισμοῦ καὶ ἡ συμβολή του εἰς τὸν εὐρωπαϊκὸν πολιτισμόν. Ἡ ἐργασία αὐτὴ θὰ ἀποτελέσῃ πολύτιμον βοήθημα διὰ τοὺς μελετητάς.

ἐπιστητοῦ καὶ τοῦ ἔργου του ἐξεπλάγησαν ἐπὶ μίαν αὐτοῦ τοῦ ἔργου, τὸ ὁποῖον ἀναφέρεται εἰς τὴν ἱστορίαν τῆς Ἑλλάδος ἀπὸ τῶν ἀρχαιοτάτων χρόνων μέχρι σήμερον. Ἡ ἱστοριογνωσία, ὡς ἐπιστήμη, ἀπαιτεῖ ἀκρίβειαν καὶ σεβασμὸν πρὸς τὰς πηγάς.

Ἡ ἐπιστήμη τῆς ἱστορίας δὲν ἀνέχεται τὰς αὐθαιρέτους ἑρμηνείας. Ὁ συγγραφεὺς παραθέτει πλῆθος στοιχείων καὶ ἐγγράφων, τὰ ὁποῖα φωτίζουν ἀγνώστους πτυχὰς τῆς ἐθνικῆς μας ζωῆς κατὰ τὴν περίοδον τῆς Τουρκοκρατίας καὶ τῆς Ἐπαναστάσεως τοῦ 1821.

Εἰς τὰ κεφάλαια περὶ τῆς Βυζαντινῆς περιόδου ἀναλύεται ἡ συνέχεια τοῦ Ἑλληνισμοῦ καὶ ἡ συμβολή του εἰς τὸν εὐρωπαϊκὸν πολιτισμόν. Ἡ ἐργασία αὐτὴ θὰ ἀποτελέσῃ πολύτιμον βοήθημα διὰ τοὺς μελετητάς.

ἐπιστητοῦ καὶ τοῦ ἔργου του ἐξεπλάγησαν ἐπὶ μίαν αὐτοῦ τοῦ ἔργου, τὸ ὁποῖον ἀναφέρεται εἰς τὴν ἱστορίαν τῆς Ἑλλάδος ἀπὸ τῶν ἀρχαιοτάτων χρόνων μέχρι σήμερον. Ἡ ἱστοριογνωσία, ὡς ἐπιστήμη, ἀπαιτεῖ ἀκρίβειαν καὶ σεβασμὸν πρὸς τὰς πηγάς.

Ἡ ἐπιστήμη τῆς ἱστορίας δὲν ἀνέχεται τὰς αὐθαιρέτους ἑρμηνείας. Ὁ συγγραφεὺς παραθέτει πλῆθος στοιχείων καὶ ἐγγράφων, τὰ ὁποῖα φωτίζουν ἀγνώστους πτυχὰς τῆς ἐθνικῆς μας ζωῆς κατὰ τὴν περίοδον τῆς Τουρκοκρατίας καὶ τῆς Ἐπαναστάσεως τοῦ 1821.

Εἰς τὰ κεφάλαια περὶ τῆς Βυζαντινῆς περιόδου ἀναλύεται ἡ συνέχεια τοῦ Ἑλληνισμοῦ καὶ ἡ συμβολή του εἰς τὸν εὐρωπαϊκὸν πολιτισμόν. Ἡ ἐργασία αὐτὴ θὰ ἀποτελέσῃ πολύτιμον βοήθημα διὰ τοὺς μελετητάς.

ἐπιστητοῦ καὶ τοῦ ἔργου του ἐξεπλάγησαν ἐπὶ μίαν αὐτοῦ τοῦ ἔργου, τὸ ὁποῖον ἀναφέρεται εἰς τὴν ἱστορίαν τῆς Ἑλλάδος ἀπὸ τῶν ἀρχαιοτάτων χρόνων μέχρι σήμερον. Ἡ ἱστοριογνωσία, ὡς ἐπιστήμη, ἀπαιτεῖ ἀκρίβειαν καὶ σεβασμὸν πρὸς τὰς πηγάς.

Ἡ ἐπιστήμη τῆς ἱστορίας δὲν ἀνέχεται τὰς αὐθαιρέτους ἑρμηνείας. Ὁ συγγραφεὺς παραθέτει πλῆθος στοιχείων καὶ ἐγγράφων, τὰ ὁποῖα φωτίζουν ἀγνώστους πτυχὰς τῆς ἐθνικῆς μας ζωῆς κατὰ τὴν περίοδον τῆς Τουρκοκρατίας καὶ τῆς Ἐπαναστάσεως τοῦ 1821.

Εἰς τὰ κεφάλαια περὶ τῆς Βυζαντινῆς περιόδου ἀναλύεται ἡ συνέχεια τοῦ Ἑλληνισμοῦ καὶ ἡ συμβολή του εἰς τὸν εὐρωπαϊκὸν πολιτισμόν. Ἡ ἐργασία αὐτὴ θὰ ἀποτελέσῃ πολύτιμον βοήθημα διὰ τοὺς μελετητάς.

ἐπιστητοῦ καὶ τοῦ ἔργου του ἐξεπλάγησαν ἐπὶ μίαν αὐτοῦ τοῦ ἔργου, τὸ ὁποῖον ἀναφέρεται εἰς τὴν ἱστορίαν τῆς Ἑλλάδος ἀπὸ τῶν ἀρχαιοτάτων χρόνων μέχρι σήμερον. Ἡ ἱστοριογνωσία, ὡς ἐπιστήμη, ἀπαιτεῖ ἀκρίβειαν καὶ σεβασμὸν πρὸς τὰς πηγάς.

Ἡ ἐπιστήμη τῆς ἱστορίας δὲν ἀνέχεται τὰς αὐθαιρέτους ἑρμηνείας. Ὁ συγγραφεὺς παραθέτει πλῆθος στοιχείων καὶ ἐγγράφων, τὰ ὁποῖα φωτίζουν ἀγνώστους πτυχὰς τῆς ἐθνικῆς μας ζωῆς κατὰ τὴν περίοδον τῆς Τουρκοκρατίας καὶ τῆς Ἐπαναστάσεως τοῦ 1821.

Εἰς τὰ κεφάλαια περὶ τῆς Βυζαντινῆς περιόδου ἀναλύεται ἡ συνέχεια τοῦ Ἑλληνισμοῦ καὶ ἡ συμβολή του εἰς τὸν εὐρωπαϊκὸν πολιτισμόν. Ἡ ἐργασία αὐτὴ θὰ ἀποτελέσῃ πολύτιμον βοήθημα διὰ τοὺς μελετητάς.

Ἡ ἐπιστήμη τῆς ἱστορίας δὲν ἀνέχεται τὰς αὐθαιρέτους ἑρμηνείας. Ὁ συγγραφεὺς παραθέτει πλῆθος στοιχείων καὶ ἐγγράφων, τὰ ὁποῖα φωτίζουν ἀγνώστους πτυχὰς τῆς ἐθνικῆς μας ζωῆς κατὰ τὴν περίοδον τῆς Τουρκοκρατίας καὶ τῆς Ἐπαναστάσεως τοῦ 1821.

Γ. Μ. ΠΑΝΑΓΙΩΤΟΠΟΥΛΟΣ

Τὸ ἀποσπάσματα τῶν χθεσινῶν ἐκπομπῶν, μὲ τὰς κυριωτέρας εἰδήσεις τῆς ἡμέρας, μεταδίδονται καθημερινῶς ἀπὸ τοὺς ραδιοφωνικοὺς σταθμούς.

Τὸ ἀποσπάσματα τῶν χθεσινῶν ἐκπομπῶν, μὲ τὰς κυριωτέρας εἰδήσεις τῆς ἡμέρας, μεταδίδονται καθημερινῶς ἀπὸ τοὺς ραδιοφωνικοὺς σταθμούς.

Ο «ΛΟΥΝΑ» ΑΠΟΚΑΛΥΠΤΕΙ ΤΑ ΜΥΣΤΙΚΑ ΤΗΣ ΣΕΛΗΝΗΣ
Η ΣΥΝΕΧΕΙΑ ΑΠΟ ΤΗΝ ΣΕΛΙΔΑ 1

Ὁ σοβιετικὸς δορυφόρος «Λοῦνα 10» συνεχίζει νὰ ἀποστέλλῃ πολύτιμα στοιχεῖα ἀπὸ τὴν τροχιάν του γύρω ἀπὸ τὴν Σελήνην. Οἱ ἐπιστήμονες μελετοῦν τὴν σύστασιν τοῦ σεληνιακοῦ ἐδάφους.

Ὁ σοβιετικὸς δορυφόρος «Λοῦνα 10» συνεχίζει νὰ ἀποστέλλῃ πολύτιμα στοιχεῖα ἀπὸ τὴν τροχιάν του γύρω ἀπὸ τὴν Σελήνην. Οἱ ἐπιστήμονες μελετοῦν τὴν σύστασιν τοῦ σεληνιακοῦ ἐδάφους.

Ὁ σοβιετικὸς δορυφόρος «Λοῦνα 10» συνεχίζει νὰ ἀποστέλλῃ πολύτιμα στοιχεῖα ἀπὸ τὴν τροχιάν του γύρω ἀπὸ τὴν Σελήνην. Οἱ ἐπιστήμονες μελετοῦν τὴν σύστασιν τοῦ σεληνιακοῦ ἐδάφους.

Ὁ σοβιετικὸς δορυφόρος «Λοῦνα 10» συνεχίζει νὰ ἀποστέλλῃ πολύτιμα στοιχεῖα ἀπὸ τὴν τροχιάν του γύρω ἀπὸ τὴν Σελήνην. Οἱ ἐπιστήμονες μελετοῦν τὴν σύστασιν τοῦ σεληνιακοῦ ἐδάφους.

ΑΥΡΙΟΝ Η ΔΙΚΗ ΔΙΑ ΤΑ ΓΕΓΟΝΟΤΑ ΤΗΣ 20 ΑΥΓΟΥΣΤΟΥ

Αὔριον ἀρχίζει ἐνώπιον τοῦ Τριμελοῦς Πλημμελειοδικείου ἡ δίκη τῶν κατηγορουμένων διὰ τὰ ἐπεισόδια τῆς 20ῆς Αὐγούστου.

Αὔριον ἀρχίζει ἐνώπιον τοῦ Τριμελοῦς Πλημμελειοδικείου ἡ δίκη τῶν κατηγορουμένων διὰ τὰ ἐπεισόδια τῆς 20ῆς Αὐγούστου.

Αὔριον ἀρχίζει ἐνώπιον τοῦ Τριμελοῦς Πλημμελειοδικείου ἡ δίκη τῶν κατηγορουμένων διὰ τὰ ἐπεισόδια τῆς 20ῆς Αὐγούστου.

ΓΙΑ ΤΑΣ ΕΠΙΣΚΕΥΑΣ ΤΩΝ ΔΕΚΤΩΝ ΤΗΛΕΟΡΑΣΕΩΣ
ΔΙΟΦΙΔΗΣ ΘΑΝΑΤΟΣ

Ἡ Γενικὴ Διεύθυνσις Ἐμπορίου ἀνεκοίνωσεν τὰς ἀνωτάτας τιμὰς διὰ τὰς ἐπισκευὰς τῶν δεκτῶν τηλεοράσεως καὶ ραδιοφώνων.

Ἡ Γενικὴ Διεύθυνσις Ἐμπορίου ἀνεκοίνωσεν τὰς ἀνωτάτας τιμὰς διὰ τὰς ἐπισκευὰς τῶν δεκτῶν τηλεοράσεως καὶ ραδιοφώνων.

Ἡ Γενικὴ Διεύθυνσις Ἐμπορίου ἀνεκοίνωσεν τὰς ἀνωτάτας τιμὰς διὰ τὰς ἐπισκευὰς τῶν δεκτῶν τηλεοράσεως καὶ ραδιοφώνων.

ΟΙΚΟΝΟΜΙΚΗ ΖΩΗ
('Επιμέλεια κ. Στ. Παπαϊωάννου)

Η ΝΟΜΙΣΜΑΤΙΚΗ κυκλοφορία ἐμειώθη ἐντὸς τοῦ πρώτου τριμήνου τοῦ τρέχοντος ἔτους κατὰ 558 ἑκατ. δραχμῶν. Κατὰ τὸ πρῶτον τρίμηνον τοῦ 1965 ἡ μείωσις τῆς νομισματικῆς κυκλοφορίας ἦτο 1.702 ἑκατ. δραχμῶν.

ΑΙ ΑΓΟΡΑΙ χρυσῶν λιρῶν ἀπὸ τῆς Τραπέζης τῆς Ἑλλάδος ἀπετέλεσαν τὸν κύριον ἐνδιαφέρον τῆς ἑβδομάδος, ἐκ συγκρίσεως πρὸς τὸ παρελθὸν ἔτος.

ΑΙ ΔΙΑΘΕΣΙΜΑΙ διὰ τὴν ἀγορὰν χρυσῶν λιρῶν, προσφερομένων ὑπὸ τοῦ κοινοῦ, διαφοραὶ τῆς τιμῆς καθωρίσθησαν εἰς ἐπίπεδα ὁμαλά.

ΧΡΗΜΑΤΙΣΤΗΡΙΟΝ ΑΘΗΝΩΝ
ΚΛΕΙΣΙΜΟΝ ΤΟΥ ΣΑΒΒΑΤΟΥ, 16ης ΑΠΡΙΛΙΟΥ 1966
ΔΑΝΕΙΑ ΕΙΣ ΣΥΝΑΛΛΑΓΜΑ
	Προηγούμ.	Κλεισ.	Διαφορά
1960 ΑΒΓ	130	141	+1,44
1961 ΑΒΓ	125	125	—
1962 ΑΒΓ	125	—	—
1963 ΑΒΓ	155	155	+0,18
1964 Ε.	152,50	152,50	—
1965 ΑΒΓ	101	101	—
1966 ΔΕΗ	97	97	—
1967 ΔΕΗ	96	96	—
1962 ΔΕΗ	160	160	—
1963 ΔΕΗ	144	144	—
1964 ΔΕΗ	80	80	+0,25
1964 ΔΕΗ	141,50	141,50	—
1965 ΔΕΗ	320	320	—
1965 ΔΕΗ	310	310	—
ΔΑΝΕΙΑ ΕΙΣ ΔΡΑΧΜΑΣ
1952 Ἀναπ.	35,90	35,90	—
1953 Ἀναπ.	408	408	—
1964 Ἀναπ.	300	300	—
ΤΡΑΠΕΖΑΙ — ΑΣΦΑΛΕΙΑΙ
	Προηγούμ.	Κλεισ.	Διαφορά
Ἐθνικῆς	3030	—	—
Ἰονικῆς	3200	3200	—
Ἐμπορ. Πίστ.	640	—	—
Κτηματική	620	645	+0,78
Ἐθν. - Λαϊκῆς	1100	—	—
Γενικῆς	610	610	—
Ἀθηνῶν	590	—	—
Ἀσφαλ. Ἐθν.	1950	—	—
ΒΙΟΜΗΧΑΝΙΑΙ
Ἄλλος	222	—	—
Ἀλουμίνιον	1175	—	—
Ἡρακλῆς	370	—	—
Φωσφ. Λιπ.	410	415	+1,22
Ἑλληνικὰ Ὑφ.	240	241	+0,42
Τιτάν	785	—	—
Ὑπνοβάφεια	395	—	—
Ζυθοποιία	266	—	—
Πειραϊκή	1470	1450	-0,68
Ἠλεκτρ.	245	245	—
Κεραμικά	286	—	—
ΣΥΝΟΛΙΚΗ ΑΞΙΑ ΧΡΕΟΓΡΑΦΩΝ 17.715.000.000 (+415.000.000)
Τὰ χρεώγραφα

Τὸ χρηματιστήριον ἐσημείωσε κατὰ τὴν ἑβδομάδα ἠπίαν ἀνοδικὴν τάσιν. Αἱ τιμαὶ τῶν τραπεζικῶν μετοχῶν παρέμειναν σταθεραί, ἐνῶ σημειώθη ζήτησις διὰ τὰς μετοχὰς τῶν βιομηχανιῶν.

Τοῦ 1963 Ἀναπτυξιακὰ ἠγοράσθησαν εἰς 141 καὶ τοῦ 1965 ἐσημείωσαν σταθερὰς τιμάς. Τὰ δάνεια ΔΕΗ παρουσίασαν ἐλαφρὰν ἄνοδον.

Τὸ χρηματιστήριον ἐσημείωσε κατὰ τὴν ἑβδομάδα ἠπίαν ἀνοδικὴν τάσιν. Αἱ τιμαὶ τῶν τραπεζικῶν μετοχῶν παρέμειναν σταθεραί, ἐνῶ σημειώθη ζήτησις διὰ τὰς μετοχὰς τῶν βιομηχανιῶν.

ΧΡΗΜΑΤΙΣΤΗΡΙΑ ΕΞΩΤΕΡΙΚΟΥ
Ἀγορὰ συναλλάγματος

Ἡ ἀγορὰ συναλλάγματος εἰς τὸ Λονδῖνον ἐσημείωσε σταθερὰν τάσιν. Τὸ δολλάριον ἐκυμάνθη εἰς ἐπίπεδα ἀμετάβλητα.

ΤΟ ΠΡΟΒΛΗΜΑ ΣΥΓΚΕΝΤΡΩΣΕΩΣ ΚΑΙ ΣΥΓΧΩΝΕΥΣΕΩΣ ΕΠΙΧΕΙΡΗΣΕΩΝ

Τὴν προσεχῆ Τρίτην θὰ συζητηθῇ εἰς τὸ Ἐμπορικὸν Ἐπιμελητήριον τὸ πρόβλημα συγκεντρώσεως τῶν βιομηχανικῶν μονάδων.

Τὴν προσεχῆ Τρίτην θὰ συζητηθῇ εἰς τὸ Ἐμπορικὸν Ἐπιμελητήριον τὸ πρόβλημα συγκεντρώσεως τῶν βιομηχανικῶν μονάδων.

ΤΟ ΣΥΣΤΗΜΑ ΠΡΙΜΟΔΟΤΗΣΕΩΣ ΤΩΝ ΕΞΑΓΩΓΙΜΩΝ ΠΡΟΪΟΝΤΩΝ

Συνεχίζεται ἡ μελέτη τοῦ νέου συστήματος πριμοδοτήσεως τῶν ἐξαγωγῶν.

Συνεχίζεται ἡ μελέτη τοῦ νέου συστήματος πριμοδοτήσεως τῶν ἐξαγωγῶν.

ΤΑ ΣΥΝΑΛΛΑΓΜΑΤΑ ΔΕΛΤΙΑ ΤΗΣ ΤΡΑΠΕΖΗΣ ΤΗΣ ΕΛΛΑΔΟΣ
ΑΙ ΤΙΜΑΙ ΣΥΝΑΛΛΑΓΜΑΤΟΣ
	Ἀγορά	Πώλησις
Νέα Ὑόρκη	29,90	30,10
Μόντρεαλ	27,66	27,84
Λονδῖνον	83,72	84,28
Παρίσι	6,092	6,132
Βρυξέλλαι	0,600	0,604
Ἄμστερνταμ	8,297	8,353
Φραγκφούρτη	7,463	7,513
Ζυρίχη	6,899	6,945
Στοκχόλμη	5,804	5,842
Κοπεγχάγη	4,340	4,369
Ὄσλο	4,185	4,213
Μιλᾶνον	0,0478	0,0481
Βιέννη	1,158	1,166

Τοῦ 1963 Ἀναπτυξιακὰ ἠγοράσθησαν εἰς 141 καὶ τοῦ 1965 ἐσημείωσαν σταθερὰς τιμάς. Τὰ δάνεια ΔΕΗ παρουσίασαν ἐλαφρὰν ἄνοδον.

Τὸ χρηματιστήριον ἐσημείωσε κατὰ τὴν ἑβδομάδα ἠπίαν ἀνοδικὴν τάσιν. Αἱ τιμαὶ τῶν τραπεζικῶν μετοχῶν παρέμειναν σταθεραί, ἐνῶ σημειώθη ζήτησις διὰ τὰς μετοχὰς τῶν βιομηχανιῶν.

Ἡ χρυσῆ λίρα

Ἡ χρυσῆ λίρα Ἀγγλίας ἐκυμάνθη κατὰ τὴν ἑβδομάδα μεταξὺ 312 καὶ 315 δρχ. Ἡ ζήτησις ἦτο περιωρισμένη.

Ἡ χρυσῆ λίρα Ἀγγλίας ἐκυμάνθη κατὰ τὴν ἑβδομάδα μεταξὺ 312 καὶ 315 δρχ. Ἡ ζήτησις ἦτο περιωρισμένη.

Αἱ τιμαὶ τῶν μετάλλων

ΝΕΑ ΥΟΡΚΗ, 15 Ἀπριλίου. Αἱ τιμαὶ τῶν μετάλλων: Χαλκὸς 36,00, Μόλυβδος 16,00, Ψευδάργυρος 14,50 σέντς κατὰ λίβραν.

ΝΕΑ ΥΟΡΚΗ, 15 Ἀπριλίου. Αἱ τιμαὶ τῶν μετάλλων: Χαλκὸς 36,00, Μόλυβδος 16,00, Ψευδάργυρος 14,50 σέντς κατὰ λίβραν.

ΑΓΟΡΑΣΤΗ Η ΜΕΤΑΠΩΛΗΣΙΣ ΠΡΟΣ ΤΡΙΤΟΥΣ ΠΡΟΪΟΝΤΩΝ ΥΠΟ ΤΩΝ ΠΑΡΑΓΩΓΩΝ

Δι' ἀποφάσεως τοῦ ὑπουργοῦ Ἐμπορίου ἐπιτρέπεται ἡ μεταπώλησις προϊόντων ὑπὸ τῶν παραγωγῶν.

Η ΕΞΑΓΩΓΗ ΒΑΜΒΑΚΟΣ ΕΙΣ ΤΗΝ ΡΟΥΜΑΝΙΑ

Ἐκυρώθη ἡ συμφωνία διὰ τὴν ἐξαγωγὴν 3.000 τόνων βάμβακος εἰς τὴν Ρουμανίαν.

ΔΙΚΗ ΣΥΓΓΡΑΦΕΩΝ ΕΙΣ ΤΗΝ ΤΟΥΡΚΙΑΝ

ΚΩΝ/ΠΟΛΙΣ, 16. Ἄρχισεν ἡ δίκη τριῶν συγγραφέων κατηγορουμένων διὰ προσβολὴν τοῦ τουρκισμοῦ.

ΞΕΝΩΝ ΤΡΑΠΕΖΟΓΡΑΜΜΑΤΙΩΝ
	Ἀγορά	Πώλησις
Δολλάρια	29,80	30,15
Λίραι Ἀγγλίας	83,00	84,50
Φράγκα Γαλλ.	6,04	6,15
Μάρκα Γερμ.	7,40	7,53
Λίραι Ἰταλ.	0,0476	0,0482
Φράγκα Ἐλβ.	6,85	6,97
Λίραι Τουρκ.	1,95	2,20
ΣΥΡΑΥΜΑΤΙΣΕΝ ΜΕ ΑΕΡΙΟΒΟΛΟΝ

Ὁ Δ. Ι. Σπηλιόπουλος, ἐτῶν 16, ἐτραυμάτισε μὲ ἀεριοβόλον τὸν συνομήλικόν του.

ΕΡΓΑΤΗΣ ΚΑΤΕΠΕΣΕΝ ΕΞ ΑΠΟΡΡΟΦΗΤΗΝ

Ὁ Ε. Λιάκουρας, ἐτῶν 40, ἐργάτης, ἔπεσεν ἐκ σκαλωσιᾶς καὶ ἐτραυματίσθη σοβαρῶς.

ΑΠΕΝΕΙΡΑΘΗ ΕΠΙΘΕΣΙΣ ΚΑΤΑ ΑΣΤΥΝΟΜΙΚΟΥ

Συνελήφθη ὁ Κ. Α. Ντόλιος, ἐτῶν 30, κατηγορούμενος διὰ ἐπίθεσιν κατ' ἀστυνομικοῦ.
